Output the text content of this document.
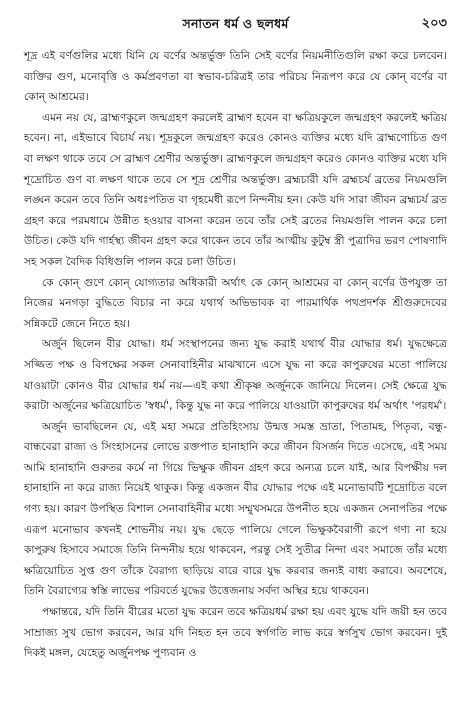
সনাতন ধর্ম ও ছলধর্ম	২০৩

শূদ্র এই বর্ণগুলির মধ্যে যিনি যে বর্ণের অন্তর্ভুক্ত তিনি সেই বর্ণের নিয়মনীতিগুলি রক্ষা করে চলবেন। ব্যক্তির গুণ, মনোবৃত্তি ও কর্মপ্রবণতা বা স্বভাব-চরিত্রই তার পরিচয় নিরূপণ করে যে কোন্ বর্ণের বা কোন্ আশ্রমের।

এমন নয় যে, ব্রাহ্মণকুলে জন্মগ্রহণ করলেই ব্রাহ্মণ হবেন বা ক্ষত্রিয়কুলে জন্মগ্রহণ করলেই ক্ষত্রিয় হবেন। না, এইভাবে বিচার্য নয়। শূদ্রকুলে জন্মগ্রহণ করেও কোনও ব্যক্তির মধ্যে যদি ব্রাহ্মণোচিত গুণ বা লক্ষণ থাকে তবে সে ব্রাহ্মণ শ্রেণীর অন্তর্ভুক্ত। ব্রাহ্মণকুলে জন্মগ্রহণ করেও কোনও ব্যক্তির মধ্যে যদি শূদ্রোচিত গুণ বা লক্ষণ থাকে তবে সে শূদ্র শ্রেণীর অন্তর্ভুক্ত। ব্রহ্মচারী যদি ব্রহ্মচর্য ব্রতের নিয়মগুলি লঙ্ঘন করেন তবে তিনি অধঃপতিত বা গৃহমেধী রূপে নিন্দনীয় হন। কেউ যদি সারা জীবন ব্রহ্মচর্য ব্রত গ্রহণ করে পরমধামে উন্নীত হওয়ার বাসনা করেন তবে তাঁর সেই ব্রতের নিয়মগুলি পালন করে চলা উচিত। কেউ যদি গার্হস্থ্য জীবন গ্রহণ করে থাকেন তবে তাঁর আত্মীয় কুটুম্ব স্ত্রী পুত্রাদির ভরণ পোষণাদি সহ সকল বৈদিক বিধিগুলি পালন করে চলা উচিত।

কে কোন্ গুণে কোন্ যোগ্যতার অধিকারী অর্থাৎ কে কোন্ আশ্রমের বা কোন্ বর্ণের উপযুক্ত তা নিজের মনগড়া বুদ্ধিতে বিচার না করে যথার্থ অভিভাবক বা পারমার্থিক পথপ্রদর্শক শ্রীগুরুদেবের সন্নিকটে জেনে নিতে হয়।

অর্জুন ছিলেন বীর যোদ্ধা। ধর্ম সংস্থাপনের জন্য যুদ্ধ করাই যথার্থ বীর যোদ্ধার ধর্ম। যুদ্ধক্ষেত্রে সজ্জিত পক্ষ ও বিপক্ষের সকল সেনাবাহিনীর মাঝখানে এসে যুদ্ধ না করে কাপুরুষের মতো পালিয়ে যাওয়াটা কোনও বীর যোদ্ধার ধর্ম নয়—এই কথা শ্রীকৃষ্ণ অর্জুনকে জানিয়ে দিলেন। সেই ক্ষেত্রে যুদ্ধ করাটা অর্জুনের ক্ষত্রিয়োচিত 'স্বধর্ম', কিন্তু যুদ্ধ না করে পালিয়ে যাওয়াটা কাপুরুষের ধর্ম অর্থাৎ 'পরধর্ম'।

অর্জুন ভাবছিলেন যে, এই মহা সমরে প্রতিহিংসায় উন্মত্ত সমস্ত ভ্রাতা, পিতামহ, পিতৃব্য, বন্ধু-বান্ধবেরা রাজ্য ও সিংহাসনের লোভে রক্তপাত হানাহানি করে জীবন বিসর্জন দিতে এসেছে, এই সময় আমি হানাহানি গুরুতর কর্মে না গিয়ে ভিক্ষুক জীবন গ্রহণ করে অন্যত্র চলে যাই, আর বিপক্ষীয় দল হানাহানি না করে রাজ্য নিয়েই থাকুক। কিন্তু একজন বীর যোদ্ধার পক্ষে এই মনোভাবটি শূদ্রোচিত বলে গণ্য হয়। কারণ উপস্থিত বিশাল সেনাবাহিনীর মধ্যে সম্মুখসমরে উপনীত হয়ে একজন সেনাপতির পক্ষে এরূপ মনোভাব কখনই শোভনীয় নয়। যুদ্ধ ছেড়ে পালিয়ে গেলে ভিক্ষুকবৈরাগী রূপে গণ্য না হয়ে কাপুরুষ হিসাবে সমাজে তিনি নিন্দনীয় হয়ে থাকবেন, পরন্তু সেই সুতীব্র নিন্দা এবং সমাজে তাঁর মধ্যে ক্ষত্রিয়োচিত সুপ্ত গুণ তাঁকে বৈরাগ্য ছাড়িয়ে বারে বারে যুদ্ধ করবার জন্যই বাধ্য করাবে। অবশেষে, তিনি বৈরাগ্যের স্বস্তি লাভের পরিবর্তে যুদ্ধের উত্তেজনায় সর্বদা অস্থির হয়ে থাকবেন।

পক্ষান্তরে, যদি তিনি বীরের মতো যুদ্ধ করেন তবে ক্ষত্রিয়ধর্ম রক্ষা হয় এবং যুদ্ধে যদি জয়ী হন তবে সাম্রাজ্য সুখ ভোগ করবেন, আর যদি নিহত হন তবে স্বর্গগতি লাভ করে স্বর্গসুখ ভোগ করবেন। দুই দিকই মঙ্গল, যেহেতু অর্জুনপক্ষ পুণ্যবান ও
